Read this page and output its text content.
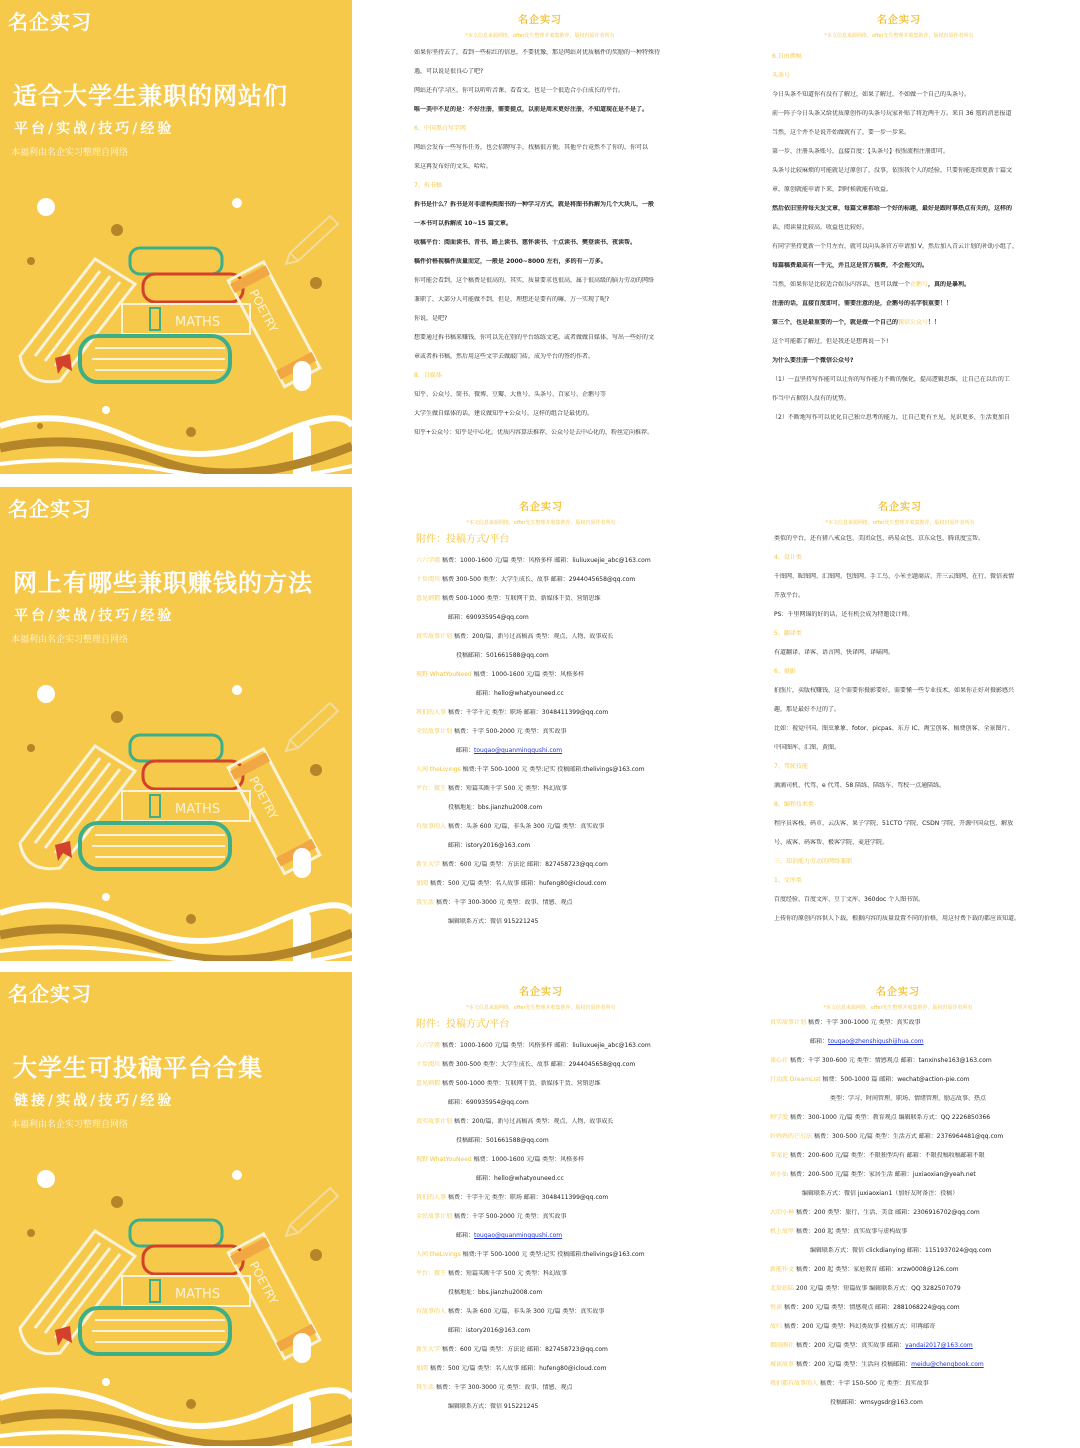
名企实习
适合大学生兼职的网站们
平台/实战/技巧/经验
本福利由名企实习整理自网络
MATHS POETRY
名企实习
网上有哪些兼职赚钱的方法
平台/实战/技巧/经验
本福利由名企实习整理自网络
MATHS POETRY
名企实习
大学生可投稿平台合集
链接/实战/技巧/经验
本福利由名企实习整理自网络
MATHS POETRY
名企实习
*本文信息来源网络，offer先生整理并收集推荐，版权归原作者所有
如果你坚持去了，看到一些标红的信息，不要犹豫，那是网站对优质稿件的奖励的一种特殊待
遇，可以说是很良心了吧?
网站还有学习区，你可以听听音课、看看文，也是一个很适合小白成长的平台。
唯一美中不足的是：不好注册，需要提点，以前是周末更好注册，不知道现在是不是了。
6、中国黑白写字网
网站会发布一些写作任务，也会招聘写手，找稿很方便，其他平台竟然不了你的，你可以
来这再发布好的文采，哈哈。
7、拆书稿
拆书是什么？拆书是对非虚构类图书的一种学习方式，就是将图书拆解为几个大块儿，一般
一本书可以拆解成 10~15 篇文章。
收稿平台：阅面读书、青书、路上读书、慈怀读书、十点读书、樊登读书、夜读帮。
稿件价格视稿件质量而定，一般是 2000~8000 左右，多的有一万多。
你可能会看到，这个稿费是很高的，其实，质量要求也很高，属于很高级的脑力劳动的网络
兼职了，大部分人可能做不到，但是，理想还是要有的嘛，万一实现了呢?
你说，是吧?
想要通过拆书稿来赚钱，你可以先在别的平台练练文笔，或者做做自媒体，写出一些好的文
章或者拆书稿，然后用这些文字去做敲门砖，成为平台的签约作者。
8、自媒体
知乎、公众号、简书、微博、豆瓣、大鱼号、头条号、百家号、企鹅号等
大学生做自媒体的话，建议做知乎+公众号，这样的组合是最优的。
知乎+公众号：知乎是中心化，优质内容算法推荐，公众号是去中心化的，粉丝定向推荐。
名企实习
*本文信息来源网络，offer先生整理并收集推荐，版权归原作者所有
6.自由撰稿
头条号
今日头条不知道你有没有了解过，如果了解过，不如做一个自己的头条号。
前一阵子今日头条又给优质原创作的头条号玩家补贴了将近两千万。来自 36 氪的消息报道
当然，这个并不是说开始做就有了，要一步一步来。
第一步，注册头条账号，直接百度：【头条号】按照流程注册即可。
头条号比较麻烦的可能就是过原创了，没事，依照我个人的经验，只要你能连续更新十篇文
章，原创就能申请下来，到时候就能有收益。
然后依旧坚持每天发文章，每篇文章都给一个好的标题，最好是跟时事热点有关的，这样的
话，阅读量比较高，收益也比较好。
有同学坚持更新一个月左右，就可以向头条官方申请加 V，然后加入青云计划的补助小组了，
每篇稿费最高有一千元，并且这是官方稿费，不会拖欠的。
当然，如果你是比较适合娱乐内容话，也可以做一个企鹅号，真的是暴利。
注册的话，直接百度即可，需要注意的是，企鹅号的名字很重要！！
第三个，也是最重要的一个，就是做一个自己的微信公众号！！
这个可能都了解过，但是我还是想再说一下!
为什么要注册一个微信公众号?
（1）一直坚持写作能可以让你的写作能力不断的强化，提高逻辑思维，让自己在以后的工
作当中占据别人没有的优势。
（2）不断地写作可以优化自己独立思考的能力，让自己更有主见，见识更多，生活更加自
名企实习
*本文信息来源网络，offer先生整理并收集推荐，版权归原作者所有
附件：投稿方式/平台
六六学姐 稿费：1000-1600 元/篇 类型：风格多样 邮箱：liuliuxuejie_abc@163.com
十步阅川 稿费 300-500 类型：大学生成长、故事 邮箱：2944045658@qq.com
意见刺猬 稿费 500-1000 类型：互联网干货、新媒体干货、营销思维
邮箱：690935954@qq.com
真实故事计划 稿费：200/篇，新号过高稿高 类型：观点、人物、故事成长
投稿邮箱：501661588@qq.com
视野 WhatYouNeed 稿费：1000-1600 元/篇 类型：风格多样
邮箱：hello@whatyouneed.cc
我们的人事 稿费：千字千元 类型：职场 邮箱：3048411399@qq.com
全民故事计划 稿费：千字 500-2000 元 类型：真实故事
邮箱：tougao@quanmingqushi.com
人间 theLivings 稿费:千字 500-1000 元 类型:记实 投稿邮箱:thelivings@163.com
平台：微王 稿费：短篇买断千字 500 元 类型：科幻故事
投稿地址：bbs.jianzhu2008.com
有故事的人 稿费：头条 600 元/篇，非头条 300 元/篇 类型：真实故事
邮箱：istory2016@163.com
新生大学 稿费：600 元/篇 类型：方法论 邮箱：827458723@qq.com
加阅 稿费：500 元/篇 类型：名人故事 邮箱：hufeng80@icloud.com
我生活 稿费：千字 300-3000 元 类型：故事、情感、观点
编辑联系方式：微信 915221245
名企实习
*本文信息来源网络，offer先生整理并收集推荐，版权归原作者所有
类似的平台，还有猪八戒众包、美团众包、码易众包、京东众包、腾讯度宝帮。
4、设计类
千图网、昵图网、汇图网、包图网、手工鸟、小米主题商店、开三云图网、在行、微信表情
开放平台。
PS：千里网锦的好的话，还有机会成为特邀设计师。
5、翻译类
有道翻译、译客、语言网、快译网、译喵网。
6、摄影
拍照片，卖版权赚钱，这个需要你摄影要好，需要懂一些专业技术，如果你正好对摄影感兴
趣，那是最好不过的了。
比如：视觉中国、图虫象象、fotor、picpas、东方 IC、淘宝创客、稿费创客、全景图片、
中国图库、汇图、黄图。
7、驾驶技能
滴滴司机、代驾、e 代驾、58 陪练、陪练车、驾校一点通陪练。
8、编程技术类
程序员客栈、码市、云沃客、果子学院、51CTO 学院、CSDN 学院、开源中国众包、解放
号、威客、码客帮、极客学院、麦进学院。
三、知识能力劳动的网络兼职
1、文库类
百度经验、百度文库、豆丁文库、360doc 个人图书馆。
上传你的原创内容供人下载，根据内容的质量设置不同的价格，用这付费下载的都应该知道。
名企实习
*本文信息来源网络，offer先生整理并收集推荐，版权归原作者所有
附件：投稿方式/平台
六六学姐 稿费：1000-1600 元/篇 类型：风格多样 邮箱：liuliuxuejie_abc@163.com
十步阅川 稿费 300-500 类型：大学生成长、故事 邮箱：2944045658@qq.com
意见刺猬 稿费 500-1000 类型：互联网干货、新媒体干货、营销思维
邮箱：690935954@qq.com
真实故事计划 稿费：200/篇，新号过高稿高 类型：观点、人物、故事成长
投稿邮箱：501661588@qq.com
视野 WhatYouNeed 稿费：1000-1600 元/篇 类型：风格多样
邮箱：hello@whatyouneed.cc
我们的人事 稿费：千字千元 类型：职场 邮箱：3048411399@qq.com
全民故事计划 稿费：千字 500-2000 元 类型：真实故事
邮箱：tougao@quanmingqushi.com
人间 theLivings 稿费:千字 500-1000 元 类型:记实 投稿邮箱:thelivings@163.com
平台：微王 稿费：短篇买断千字 500 元 类型：科幻故事
投稿地址：bbs.jianzhu2008.com
有故事的人 稿费：头条 600 元/篇，非头条 300 元/篇 类型：真实故事
邮箱：istory2016@163.com
新生大学 稿费：600 元/篇 类型：方法论 邮箱：827458723@qq.com
加阅 稿费：500 元/篇 类型：名人故事 邮箱：hufeng80@icloud.com
我生活 稿费：千字 300-3000 元 类型：故事、情感、观点
编辑联系方式：微信 915221245
名企实习
*本文信息来源网络，offer先生整理并收集推荐，版权归原作者所有
真实故事计划 稿费：千字 300-1000 元 类型：真实故事
邮箱：tougao@zhenshigushijihua.com
谈心社 稿费：千字 300-600 元 类型：情感观点 邮箱：tanxinshe163@163.com
行动派 DreamList 稿费：500-1000 篇 邮箱：wechat@action-pie.com
类型：学习、时间管理、职场、情绪管理、励志故事、热点
帅学度 稿费：300-1000 元/篇 类型：教育观点 编辑联系方式：QQ 2226850366
好妈妈的芒刃法 稿费：300-500 元/篇 类型：生活方式 邮箱：2376964481@qq.com
零宠论 稿费：200-600 元/篇 类型：不限独型均有 邮箱：不限投稿收稿邮箱不限
居小仙 稿费：200-500 元/篇 类型：家居生活 邮箱：juxiaoxian@yeah.net
编辑联系方式：微信 juxiaoxian1（加好友时备注：投稿）
大旧小神 稿费：200 类型：旅行、生活、美食 邮箱：2306916702@qq.com
机上故甲 稿费：200 起 类型：真实故事与虚构故事
编辑联系方式：微信 clickdianying 邮箱：1151937024@qq.com
新能作文 稿费：200 起 类型：家庭教育 邮箱：xrzw0008@126.com
北辰站陆 200 元/篇 类型：短篇故事 编辑联系方式：QQ 3282507079
悦读 稿费：200 元/篇 类型：情感观点 邮箱：2881068224@qq.com
故归 稿费：200 元/篇 类型：科幻类故事 投稿方式：印再邮寄
烟雨阁社 稿费：200 元/篇 类型：真实故事 邮箱：yandai2017@163.com
城读故事 稿费：200 元/篇 类型：生活向 投稿邮箱：meidu@chengbook.com
我们都有故事的人 稿费：千字 150-500 元 类型：真实故事
投稿邮箱：wmsygsdr@163.com
